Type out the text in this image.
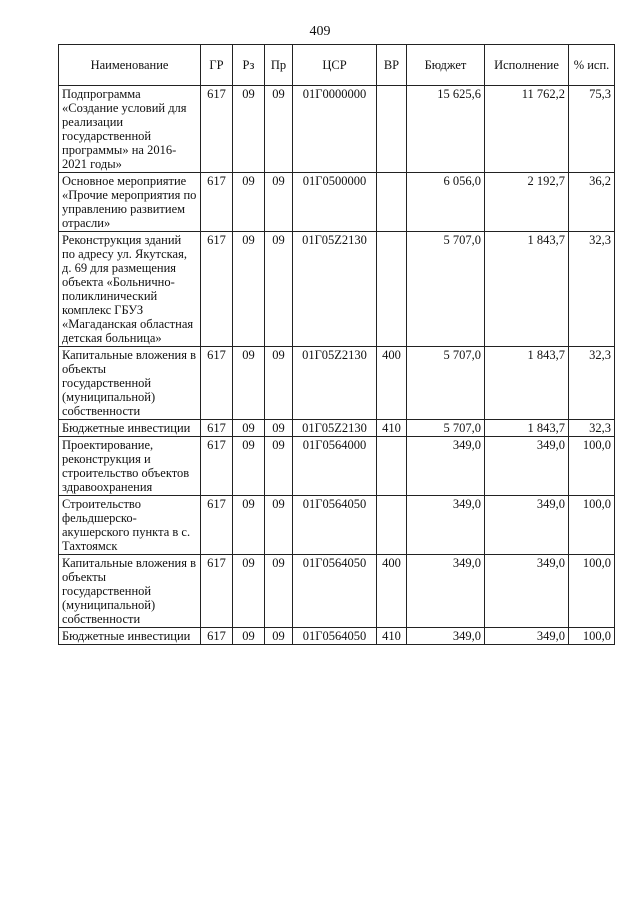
409
Наименование	ГР	Рз	Пр	ЦСР	ВР	Бюджет	Исполнение	% исп.
Подпрограмма «Создание условий для реализации государственной программы» на 2016-2021 годы»	617	09	09	01Г0000000		15 625,6	11 762,2	75,3
Основное мероприятие «Прочие мероприятия по управлению развитием отрасли»	617	09	09	01Г0500000		6 056,0	2 192,7	36,2
Реконструкция зданий по адресу ул. Якутская, д. 69 для размещения объекта «Больнично-поликлинический комплекс ГБУЗ «Магаданская областная детская больница»	617	09	09	01Г05Z2130		5 707,0	1 843,7	32,3
Капитальные вложения в объекты государственной (муниципальной) собственности	617	09	09	01Г05Z2130	400	5 707,0	1 843,7	32,3
Бюджетные инвестиции	617	09	09	01Г05Z2130	410	5 707,0	1 843,7	32,3
Проектирование, реконструкция и строительство объектов здравоохранения	617	09	09	01Г0564000		349,0	349,0	100,0
Строительство фельдшерско-акушерского пункта в с. Тахтоямск	617	09	09	01Г0564050		349,0	349,0	100,0
Капитальные вложения в объекты государственной (муниципальной) собственности	617	09	09	01Г0564050	400	349,0	349,0	100,0
Бюджетные инвестиции	617	09	09	01Г0564050	410	349,0	349,0	100,0
